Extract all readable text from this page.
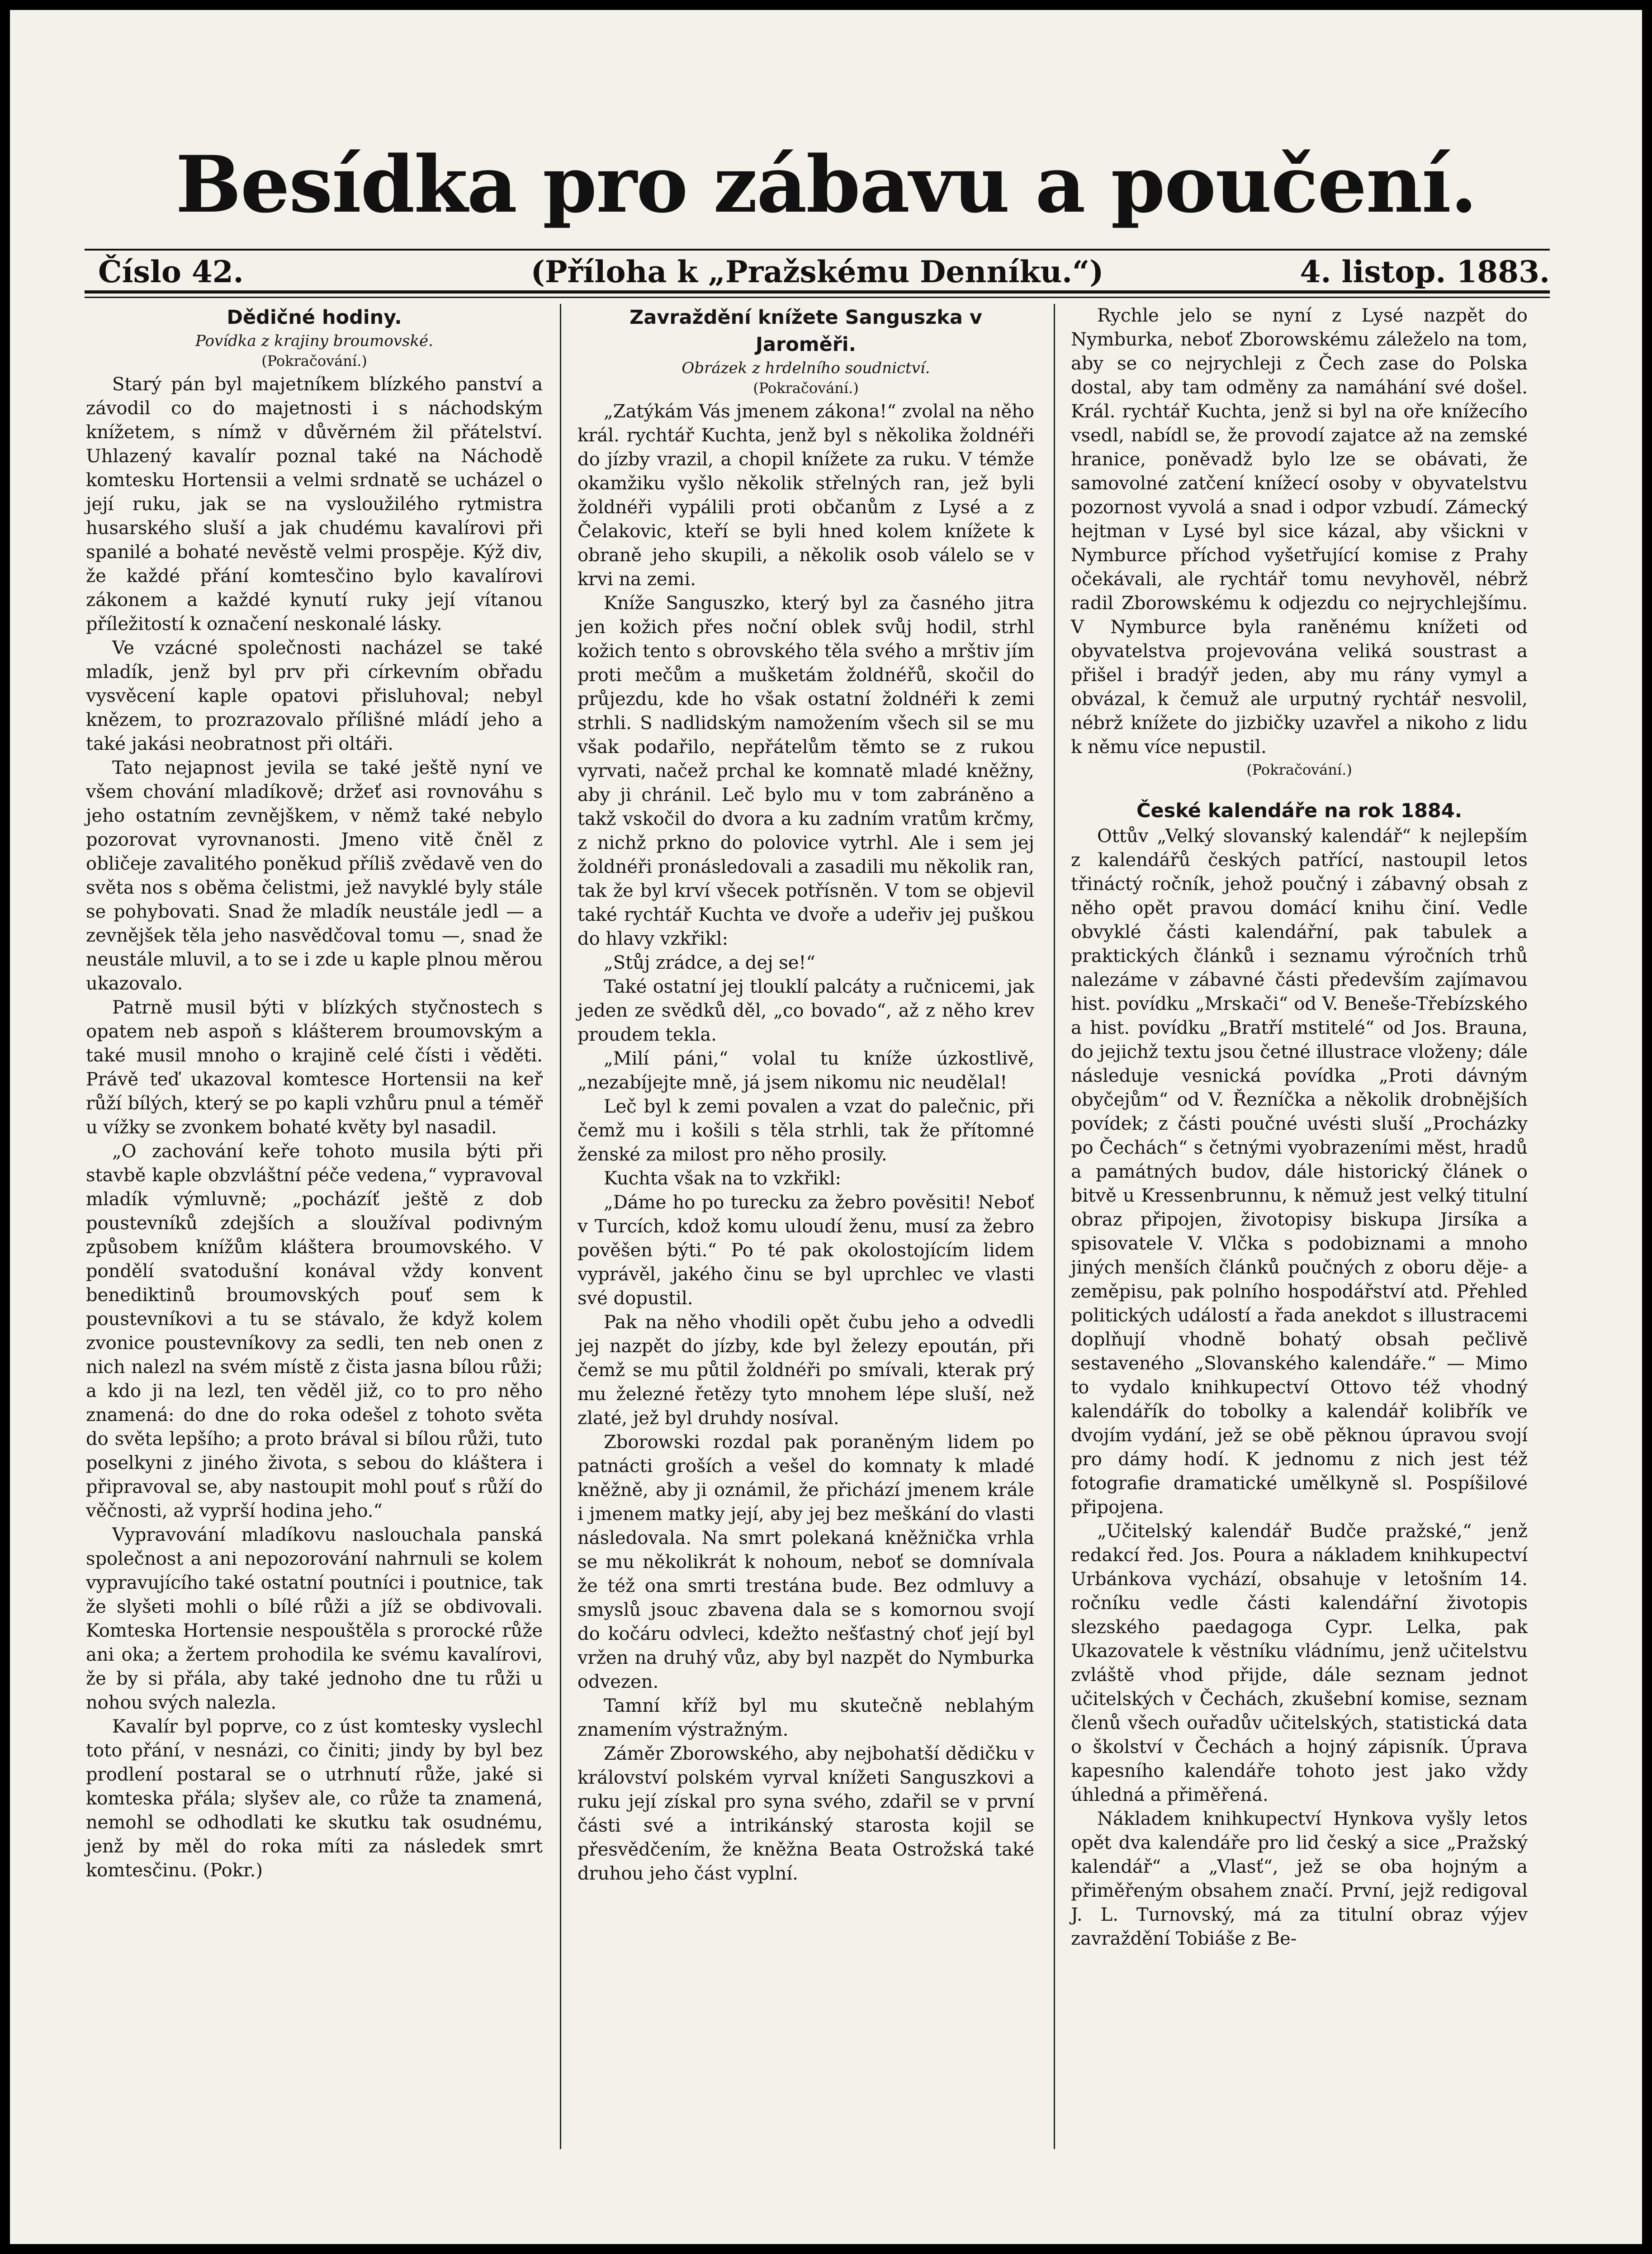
Besídka pro zábavu a poučení.
Číslo 42.	(Příloha k „Pražskému Denníku.“)	4. listop. 1883.

Dědičné hodiny.

Povídka z krajiny broumovské.

(Pokračování.)

Starý pán byl majetníkem blízkého panství a závodil co do majetnosti i s náchodským knížetem, s nímž v důvěrném žil přátelství. Uhlazený kavalír poznal také na Náchodě komtesku Hortensii a velmi srdnatě se ucházel o její ruku, jak se na vysloužilého rytmistra husarského sluší a jak chudému kavalírovi při spanilé a bohaté nevěstě velmi prospěje. Kýž div, že každé přání komtesčino bylo kavalírovi zákonem a každé kynutí ruky její vítanou příležitostí k označení neskonalé lásky.

Ve vzácné společnosti nacházel se také mladík, jenž byl prv při církevním obřadu vysvěcení kaple opatovi přisluhoval; nebyl knězem, to prozrazovalo přílišné mládí jeho a také jakási neobratnost při oltáři.

Tato nejapnost jevila se také ještě nyní ve všem chování mladíkově; držeť asi rovnováhu s jeho ostatním zevnějškem, v němž také nebylo pozorovat vyrovnanosti. Jmeno vitě čněl z obličeje zavalitého poněkud příliš zvědavě ven do světa nos s oběma čelistmi, jež navyklé byly stále se pohybovati. Snad že mladík neustále jedl — a zevnějšek těla jeho nasvědčoval tomu —, snad že neustále mluvil, a to se i zde u kaple plnou měrou ukazovalo.

Patrně musil býti v blízkých styčnostech s opatem neb aspoň s klášterem broumovským a také musil mnoho o krajině celé čísti i věděti. Právě teď ukazoval komtesce Hortensii na keř růží bílých, který se po kapli vzhůru pnul a téměř u vížky se zvonkem bohaté květy byl nasadil.

„O zachování keře tohoto musila býti při stavbě kaple obzvláštní péče vedena,“ vypravoval mladík výmluvně; „pocházíť ještě z dob poustevníků zdejších a sloužíval podivným způsobem knížům kláštera broumovského. V pondělí svatodušní konával vždy konvent benediktinů broumovských pouť sem k poustevníkovi a tu se stávalo, že když kolem zvonice poustevníkovy za sedli, ten neb onen z nich nalezl na svém místě z čista jasna bílou růži; a kdo ji na lezl, ten věděl již, co to pro něho znamená: do dne do roka odešel z tohoto světa do světa lepšího; a proto brával si bílou růži, tuto poselkyni z jiného života, s sebou do kláštera i připravoval se, aby nastoupit mohl pouť s růží do věčnosti, až vyprší hodina jeho.“

Vypravování mladíkovu naslouchala panská společnost a ani nepozorování nahrnuli se kolem vypravujícího také ostatní poutníci i poutnice, tak že slyšeti mohli o bílé růži a jíž se obdivovali. Komteska Hortensie nespouštěla s prorocké růže ani oka; a žertem prohodila ke svému kavalírovi, že by si přála, aby také jednoho dne tu růži u nohou svých nalezla.

Kavalír byl poprve, co z úst komtesky vyslechl toto přání, v nesnázi, co činiti; jindy by byl bez prodlení postaral se o utrhnutí růže, jaké si komteska přála; slyšev ale, co růže ta znamená, nemohl se odhodlati ke skutku tak osudnému, jenž by měl do roka míti za následek smrt komtesčinu. (Pokr.)

Zavraždění knížete Sanguszka v Jaroměři.

Obrázek z hrdelního soudnictví.

(Pokračování.)

„Zatýkám Vás jmenem zákona!“ zvolal na něho král. rychtář Kuchta, jenž byl s několika žoldnéři do jízby vrazil, a chopil knížete za ruku. V témže okamžiku vyšlo několik střelných ran, jež byli žoldnéři vypálili proti občanům z Lysé a z Čelakovic, kteří se byli hned kolem knížete k obraně jeho skupili, a několik osob válelo se v krvi na zemi.

Kníže Sanguszko, který byl za časného jitra jen kožich přes noční oblek svůj hodil, strhl kožich tento s obrovského těla svého a mrštiv jím proti mečům a mušketám žoldnéřů, skočil do průjezdu, kde ho však ostatní žoldnéři k zemi strhli. S nadlidským namožením všech sil se mu však podařilo, nepřátelům těmto se z rukou vyrvati, načež prchal ke komnatě mladé kněžny, aby ji chránil. Leč bylo mu v tom zabráněno a takž vskočil do dvora a ku zadním vratům krčmy, z nichž prkno do polovice vytrhl. Ale i sem jej žoldnéři pronásledovali a zasadili mu několik ran, tak že byl krví všecek potřísněn. V tom se objevil také rychtář Kuchta ve dvoře a udeřiv jej puškou do hlavy vzkřikl:

„Stůj zrádce, a dej se!“

Také ostatní jej tlouklí palcáty a ručnicemi, jak jeden ze svědků děl, „co bovado“, až z něho krev proudem tekla.

„Milí páni,“ volal tu kníže úzkostlivě, „nezabíjejte mně, já jsem nikomu nic neudělal!

Leč byl k zemi povalen a vzat do palečnic, při čemž mu i košili s těla strhli, tak že přítomné ženské za milost pro něho prosily.

Kuchta však na to vzkřikl:

„Dáme ho po turecku za žebro pověsiti! Neboť v Turcích, kdož komu uloudí ženu, musí za žebro pověšen býti.“ Po té pak okolostojícím lidem vyprávěl, jakého činu se byl uprchlec ve vlasti své dopustil.

Pak na něho vhodili opět čubu jeho a odvedli jej nazpět do jízby, kde byl železy epoután, při čemž se mu půtil žoldnéři po smívali, kterak prý mu železné řetězy tyto mnohem lépe sluší, než zlaté, jež byl druhdy nosíval.

Zborowski rozdal pak poraněným lidem po patnácti groších a vešel do komnaty k mladé kněžně, aby ji oznámil, že přichází jmenem krále i jmenem matky její, aby jej bez meškání do vlasti následovala. Na smrt polekaná kněžnička vrhla se mu několikrát k nohoum, neboť se domnívala že též ona smrti trestána bude. Bez odmluvy a smyslů jsouc zbavena dala se s komornou svojí do kočáru odvleci, kdežto nešťastný choť její byl vržen na druhý vůz, aby byl nazpět do Nymburka odvezen.

Tamní kříž byl mu skutečně neblahým znamením výstražným.

Záměr Zborowského, aby nejbohatší dědičku v království polském vyrval knížeti Sanguszkovi a ruku její získal pro syna svého, zdařil se v první části své a intrikánský starosta kojil se přesvědčením, že kněžna Beata Ostrožská také druhou jeho část vyplní.

Rychle jelo se nyní z Lysé nazpět do Nymburka, neboť Zborowskému záleželo na tom, aby se co nejrychleji z Čech zase do Polska dostal, aby tam odměny za namáhání své došel. Král. rychtář Kuchta, jenž si byl na oře knížecího vsedl, nabídl se, že provodí zajatce až na zemské hranice, poněvadž bylo lze se obávati, že samovolné zatčení knížecí osoby v obyvatelstvu pozornost vyvolá a snad i odpor vzbudí. Zámecký hejtman v Lysé byl sice kázal, aby všickni v Nymburce příchod vyšetřující komise z Prahy očekávali, ale rychtář tomu nevyhověl, nébrž radil Zborowskému k odjezdu co nejrychlejšímu. V Nymburce byla raněnému knížeti od obyvatelstva projevována veliká soustrast a přišel i bradýř jeden, aby mu rány vymyl a obvázal, k čemuž ale urputný rychtář nesvolil, nébrž knížete do jizbičky uzavřel a nikoho z lidu k němu více nepustil.

(Pokračování.)

České kalendáře na rok 1884.

Ottův „Velký slovanský kalendář“ k nejlepším z kalendářů českých patřící, nastoupil letos třináctý ročník, jehož poučný i zábavný obsah z něho opět pravou domácí knihu činí. Vedle obvyklé části kalendářní, pak tabulek a praktických článků i seznamu výročních trhů nalezáme v zábavné části především zajímavou hist. povídku „Mrskači“ od V. Beneše-Třebízského a hist. povídku „Bratří mstitelé“ od Jos. Brauna, do jejichž textu jsou četné illustrace vloženy; dále následuje vesnická povídka „Proti dávným obyčejům“ od V. Řezníčka a několik drobnějších povídek; z části poučné uvésti sluší „Procházky po Čechách“ s četnými vyobrazeními měst, hradů a památných budov, dále historický článek o bitvě u Kressenbrunnu, k němuž jest velký titulní obraz připojen, životopisy biskupa Jirsíka a spisovatele V. Vlčka s podobiznami a mnoho jiných menších článků poučných z oboru děje- a zeměpisu, pak polního hospodářství atd. Přehled politických událostí a řada anekdot s illustracemi doplňují vhodně bohatý obsah pečlivě sestaveného „Slovanského kalendáře.“ — Mimo to vydalo knihkupectví Ottovo též vhodný kalendářík do tobolky a kalendář kolibřík ve dvojím vydání, jež se obě pěknou úpravou svojí pro dámy hodí. K jednomu z nich jest též fotografie dramatické umělkyně sl. Pospíšilové připojena.

„Učitelský kalendář Budče pražské,“ jenž redakcí řed. Jos. Poura a nákladem knihkupectví Urbánkova vychází, obsahuje v letošním 14. ročníku vedle části kalendářní životopis slezského paedagoga Cypr. Lelka, pak Ukazovatele k věstníku vládnímu, jenž učitelstvu zvláště vhod přijde, dále seznam jednot učitelských v Čechách, zkušební komise, seznam členů všech ouřadův učitelských, statistická data o školství v Čechách a hojný zápisník. Úprava kapesního kalendáře tohoto jest jako vždy úhledná a přiměřená.

Nákladem knihkupectví Hynkova vyšly letos opět dva kalendáře pro lid český a sice „Pražský kalendář“ a „Vlasť“, jež se oba hojným a přiměřeným obsahem značí. První, jejž redigoval J. L. Turnovský, má za titulní obraz výjev zavraždění Tobiáše z Be-
